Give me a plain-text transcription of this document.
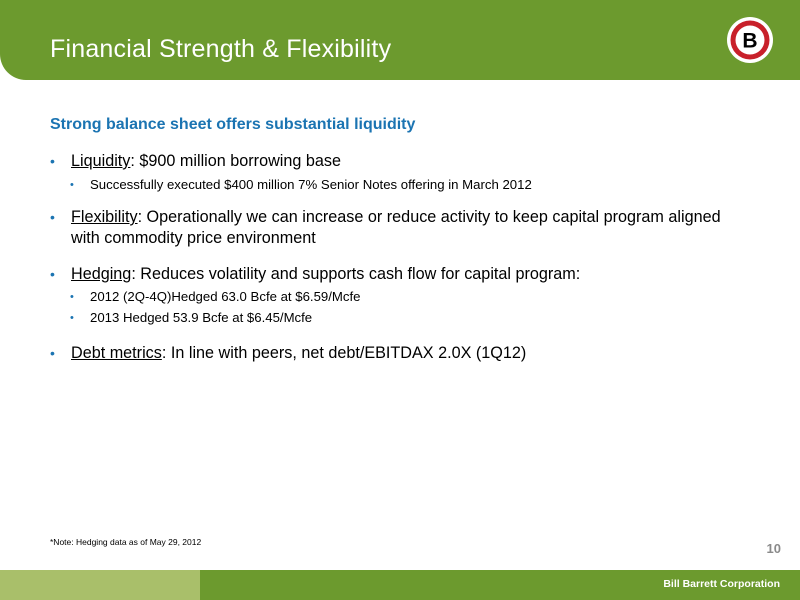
Financial Strength & Flexibility	B
Strong balance sheet offers substantial liquidity
• Liquidity: $900 million borrowing base
• Successfully executed $400 million 7% Senior Notes offering in March 2012
• Flexibility: Operationally we can increase or reduce activity to keep capital program aligned with commodity price environment
• Hedging: Reduces volatility and supports cash flow for capital program:
• 2012 (2Q-4Q)Hedged 63.0 Bcfe at $6.59/Mcfe
• 2013 Hedged 53.9 Bcfe at $6.45/Mcfe
• Debt metrics: In line with peers, net debt/EBITDAX 2.0X (1Q12)
*Note: Hedging data as of May 29, 2012	10
Bill Barrett Corporation
